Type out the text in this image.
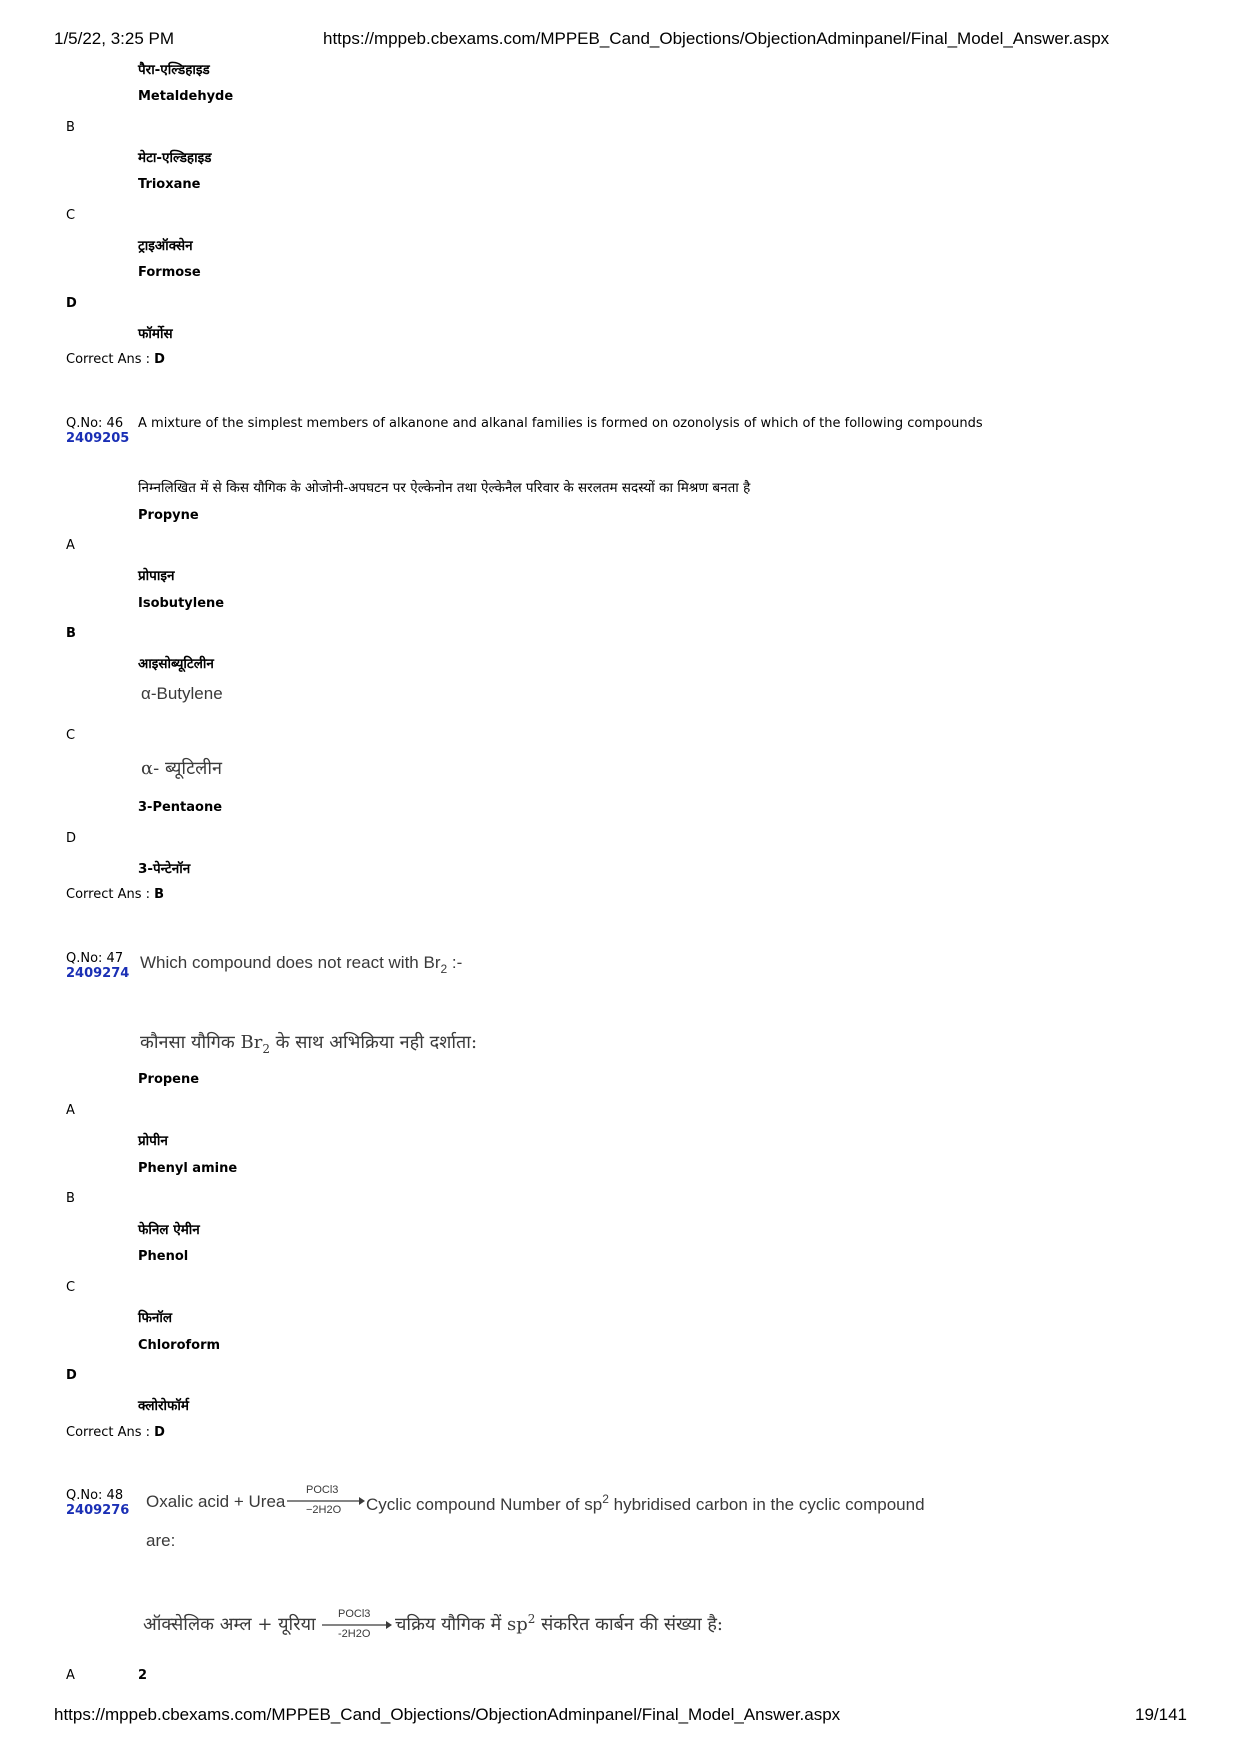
1/5/22, 3:25 PM	https://mppeb.cbexams.com/MPPEB_Cand_Objections/ObjectionAdminpanel/Final_Model_Answer.aspx
पैरा-एल्डिहाइड
B
Metaldehyde
मेटा-एल्डिहाइड
Trioxane
C
ट्राइऑक्सेन
Formose
D
फॉर्मोस
Correct Ans : D
Q.No: 46
2409205
A mixture of the simplest members of alkanone and alkanal families is formed on ozonolysis of which of the following compounds
निम्नलिखित में से किस यौगिक के ओजोनी-अपघटन पर ऐल्केनोन तथा ऐल्केनैल परिवार के सरलतम सदस्यों का मिश्रण बनता है
Propyne
A
प्रोपाइन
Isobutylene
B
आइसोब्यूटिलीन
α-Butylene
C
α- ब्यूटिलीन
3-Pentaone
D
3-पेन्टेनॉन
Correct Ans : B
Q.No: 47
2409274
Which compound does not react with $Br_2$ :-
कौनसा यौगिक $Br_2$ के साथ अभिक्रिया नही दर्शाता:
Propene
A
प्रोपीन
Phenyl amine
B
फेनिल ऐमीन
Phenol
C
फिनॉल
Chloroform
D
क्लोरोफॉर्म
Correct Ans : D
Q.No: 48
2409276 Oxalic acid + Urea
POCl3
−2H2O Cyclic compound Number of $sp^2$ hybridised carbon in the cyclic compound
are:
ऑक्सेलिक अम्ल + यूरिया POCl3
-2H2O चक्रिय यौगिक में $sp^2$ संकरित कार्बन की संख्या है:
A	2
https://mppeb.cbexams.com/MPPEB_Cand_Objections/ObjectionAdminpanel/Final_Model_Answer.aspx	19/141
